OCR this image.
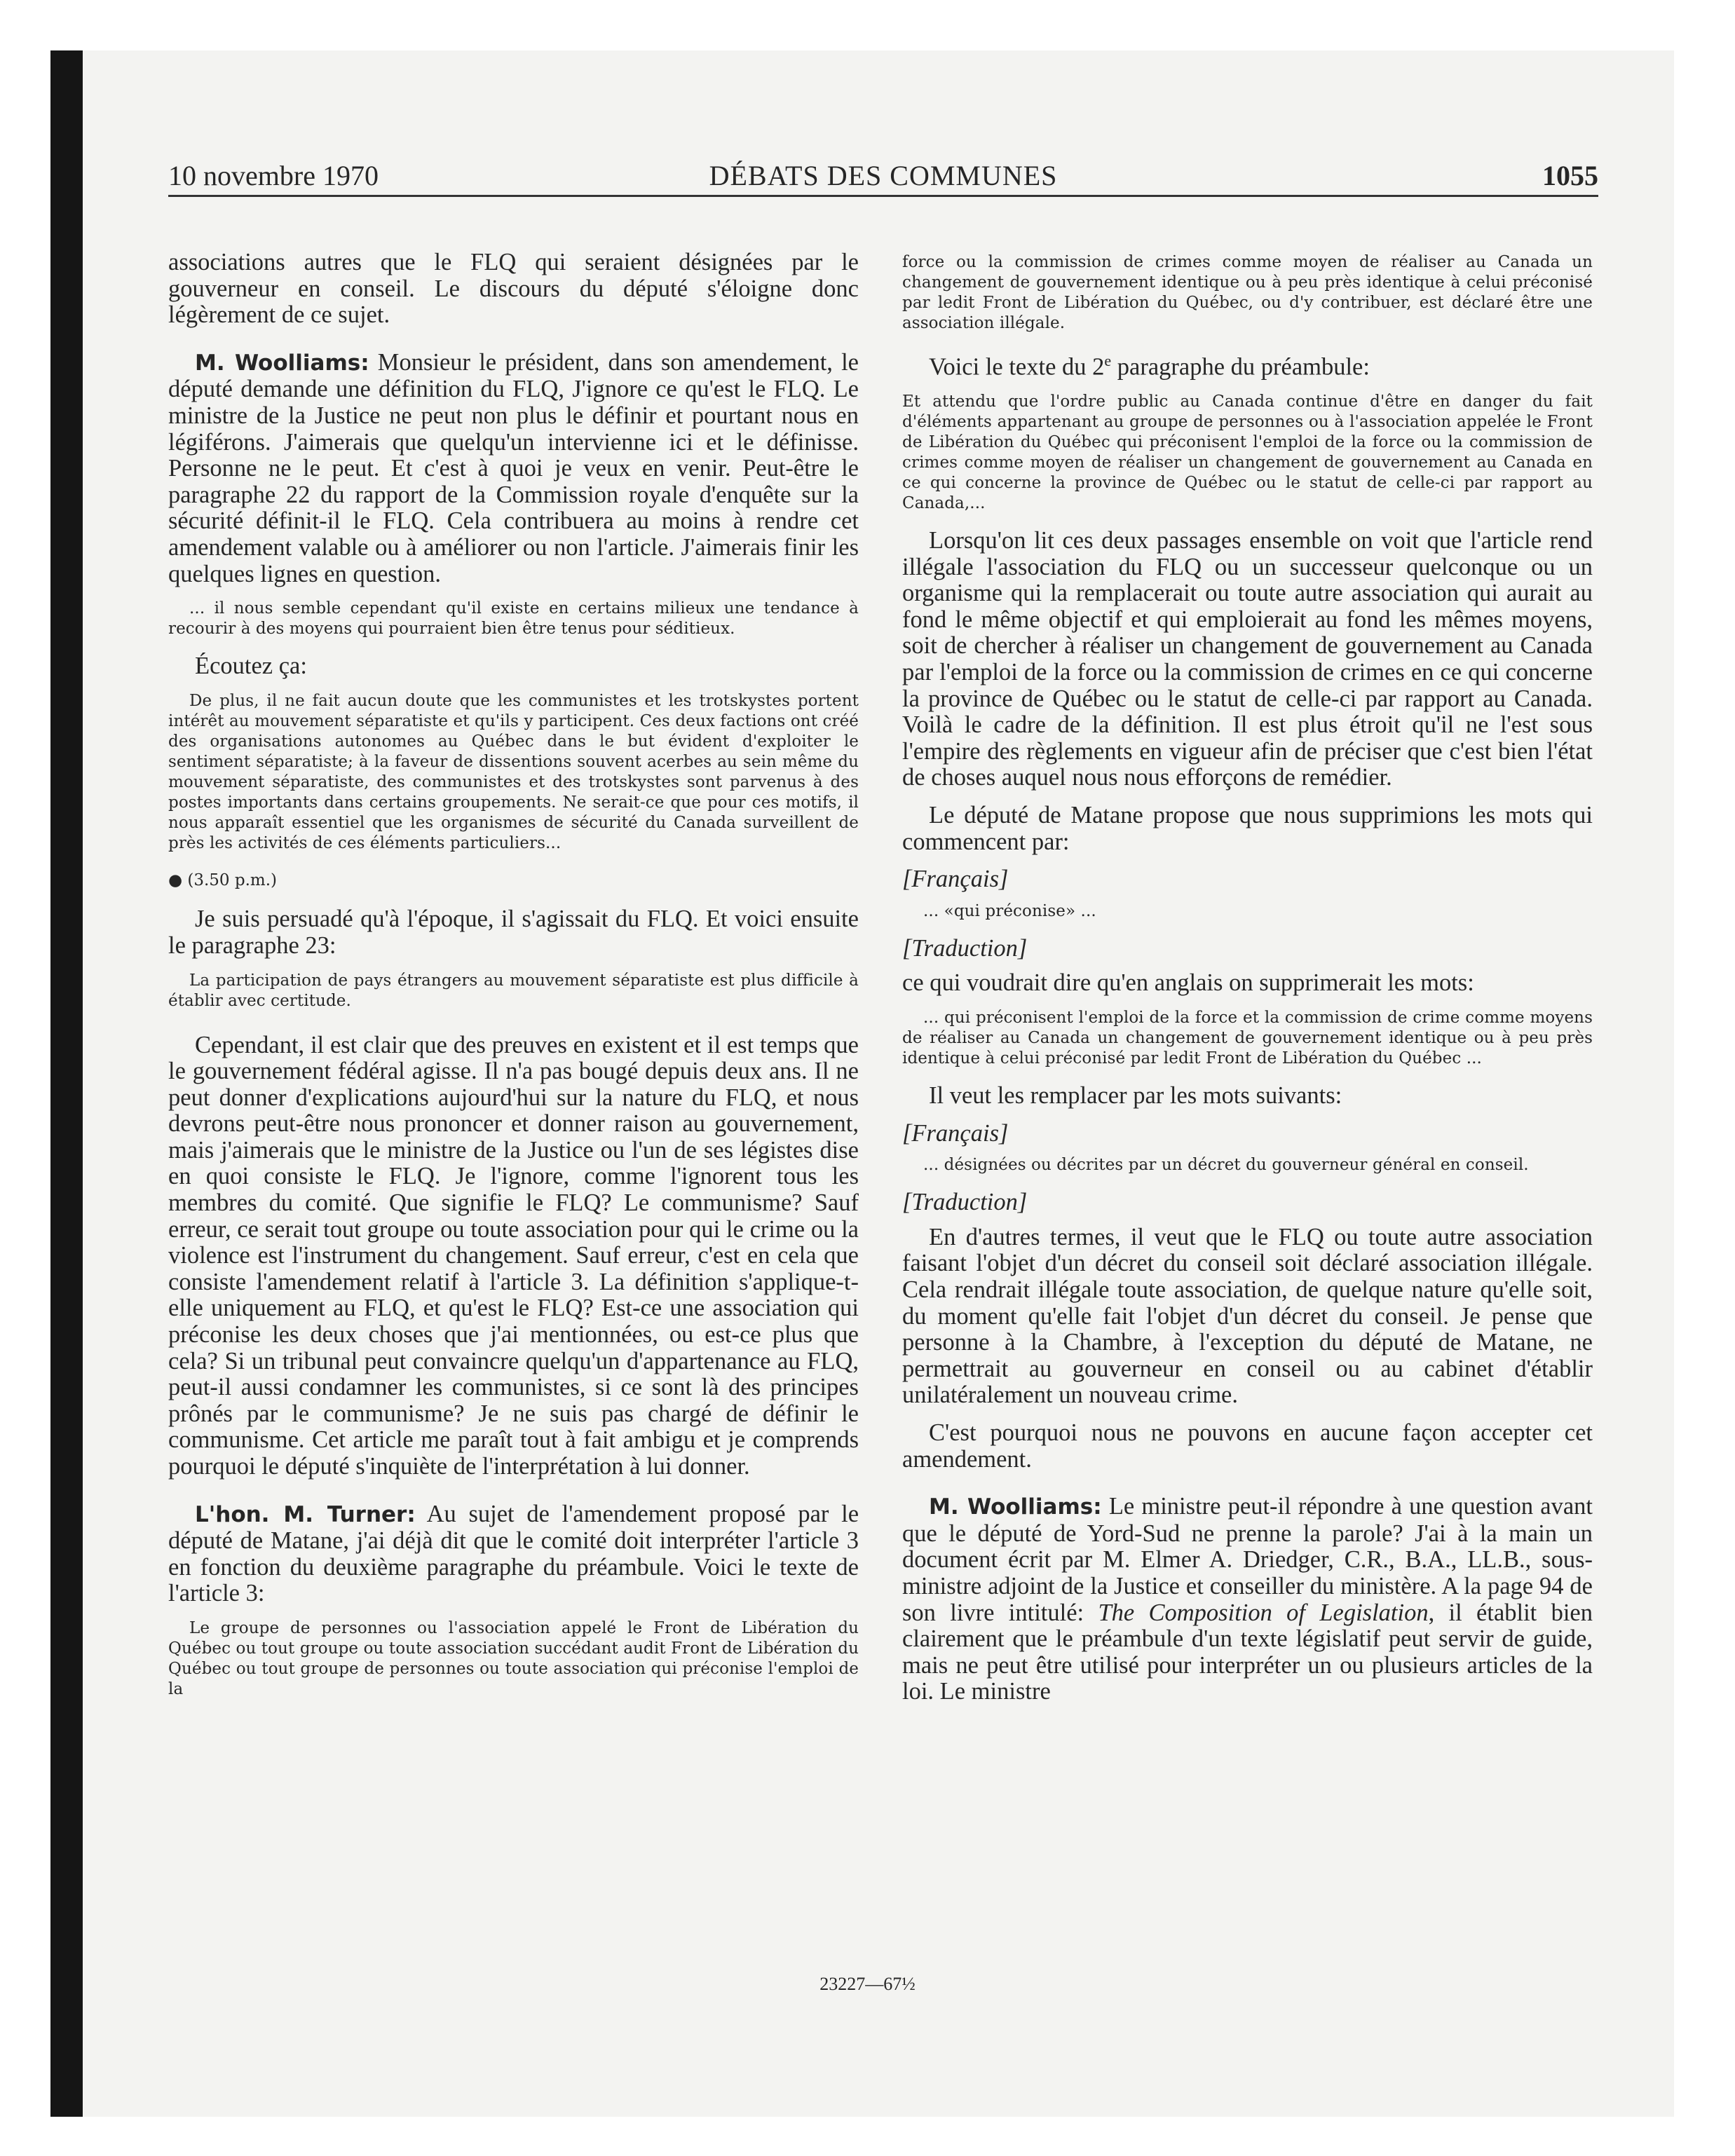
10 novembre 1970	DÉBATS DES COMMUNES	1055

associations autres que le FLQ qui seraient désignées par le gouverneur en conseil. Le discours du député s'éloigne donc légèrement de ce sujet.

M. Woolliams: Monsieur le président, dans son amendement, le député demande une définition du FLQ, J'ignore ce qu'est le FLQ. Le ministre de la Justice ne peut non plus le définir et pourtant nous en légiférons. J'aimerais que quelqu'un intervienne ici et le définisse. Personne ne le peut. Et c'est à quoi je veux en venir. Peut-être le paragraphe 22 du rapport de la Commission royale d'enquête sur la sécurité définit-il le FLQ. Cela contribuera au moins à rendre cet amendement valable ou à améliorer ou non l'article. J'aimerais finir les quelques lignes en question.

... il nous semble cependant qu'il existe en certains milieux une tendance à recourir à des moyens qui pourraient bien être tenus pour séditieux.

Écoutez ça:

De plus, il ne fait aucun doute que les communistes et les trotskystes portent intérêt au mouvement séparatiste et qu'ils y participent. Ces deux factions ont créé des organisations autonomes au Québec dans le but évident d'exploiter le sentiment séparatiste; à la faveur de dissentions souvent acerbes au sein même du mouvement séparatiste, des communistes et des trotskystes sont parvenus à des postes importants dans certains groupements. Ne serait-ce que pour ces motifs, il nous apparaît essentiel que les organismes de sécurité du Canada surveillent de près les activités de ces éléments particuliers...
● (3.50 p.m.)

Je suis persuadé qu'à l'époque, il s'agissait du FLQ. Et voici ensuite le paragraphe 23:

La participation de pays étrangers au mouvement séparatiste est plus difficile à établir avec certitude.

Cependant, il est clair que des preuves en existent et il est temps que le gouvernement fédéral agisse. Il n'a pas bougé depuis deux ans. Il ne peut donner d'explications aujourd'hui sur la nature du FLQ, et nous devrons peut-être nous prononcer et donner raison au gouvernement, mais j'aimerais que le ministre de la Justice ou l'un de ses légistes dise en quoi consiste le FLQ. Je l'ignore, comme l'ignorent tous les membres du comité. Que signifie le FLQ? Le communisme? Sauf erreur, ce serait tout groupe ou toute association pour qui le crime ou la violence est l'instrument du changement. Sauf erreur, c'est en cela que consiste l'amendement relatif à l'article 3. La définition s'applique-t-elle uniquement au FLQ, et qu'est le FLQ? Est-ce une association qui préconise les deux choses que j'ai mentionnées, ou est-ce plus que cela? Si un tribunal peut convaincre quelqu'un d'appartenance au FLQ, peut-il aussi condamner les communistes, si ce sont là des principes prônés par le communisme? Je ne suis pas chargé de définir le communisme. Cet article me paraît tout à fait ambigu et je comprends pourquoi le député s'inquiète de l'interprétation à lui donner.

L'hon. M. Turner: Au sujet de l'amendement proposé par le député de Matane, j'ai déjà dit que le comité doit interpréter l'article 3 en fonction du deuxième paragraphe du préambule. Voici le texte de l'article 3:

Le groupe de personnes ou l'association appelé le Front de Libération du Québec ou tout groupe ou toute association succédant audit Front de Libération du Québec ou tout groupe de personnes ou toute association qui préconise l'emploi de la
force ou la commission de crimes comme moyen de réaliser au Canada un changement de gouvernement identique ou à peu près identique à celui préconisé par ledit Front de Libération du Québec, ou d'y contribuer, est déclaré être une association illégale.

Voici le texte du 2e paragraphe du préambule:

Et attendu que l'ordre public au Canada continue d'être en danger du fait d'éléments appartenant au groupe de personnes ou à l'association appelée le Front de Libération du Québec qui préconisent l'emploi de la force ou la commission de crimes comme moyen de réaliser un changement de gouvernement au Canada en ce qui concerne la province de Québec ou le statut de celle-ci par rapport au Canada,...

Lorsqu'on lit ces deux passages ensemble on voit que l'article rend illégale l'association du FLQ ou un successeur quelconque ou un organisme qui la remplacerait ou toute autre association qui aurait au fond le même objectif et qui emploierait au fond les mêmes moyens, soit de chercher à réaliser un changement de gouvernement au Canada par l'emploi de la force ou la commission de crimes en ce qui concerne la province de Québec ou le statut de celle-ci par rapport au Canada. Voilà le cadre de la définition. Il est plus étroit qu'il ne l'est sous l'empire des règlements en vigueur afin de préciser que c'est bien l'état de choses auquel nous nous efforçons de remédier.

Le député de Matane propose que nous supprimions les mots qui commencent par:

[Français]
... «qui préconise» ...
[Traduction]

ce qui voudrait dire qu'en anglais on supprimerait les mots:

... qui préconisent l'emploi de la force et la commission de crime comme moyens de réaliser au Canada un changement de gouvernement identique ou à peu près identique à celui préconisé par ledit Front de Libération du Québec ...

Il veut les remplacer par les mots suivants:

[Français]
... désignées ou décrites par un décret du gouverneur général en conseil.
[Traduction]

En d'autres termes, il veut que le FLQ ou toute autre association faisant l'objet d'un décret du conseil soit déclaré association illégale. Cela rendrait illégale toute association, de quelque nature qu'elle soit, du moment qu'elle fait l'objet d'un décret du conseil. Je pense que personne à la Chambre, à l'exception du député de Matane, ne permettrait au gouverneur en conseil ou au cabinet d'établir unilatéralement un nouveau crime.

C'est pourquoi nous ne pouvons en aucune façon accepter cet amendement.

M. Woolliams: Le ministre peut-il répondre à une question avant que le député de Yord-Sud ne prenne la parole? J'ai à la main un document écrit par M. Elmer A. Driedger, C.R., B.A., LL.B., sous-ministre adjoint de la Justice et conseiller du ministère. A la page 94 de son livre intitulé: The Composition of Legislation, il établit bien clairement que le préambule d'un texte législatif peut servir de guide, mais ne peut être utilisé pour interpréter un ou plusieurs articles de la loi. Le ministre

23227—67½
